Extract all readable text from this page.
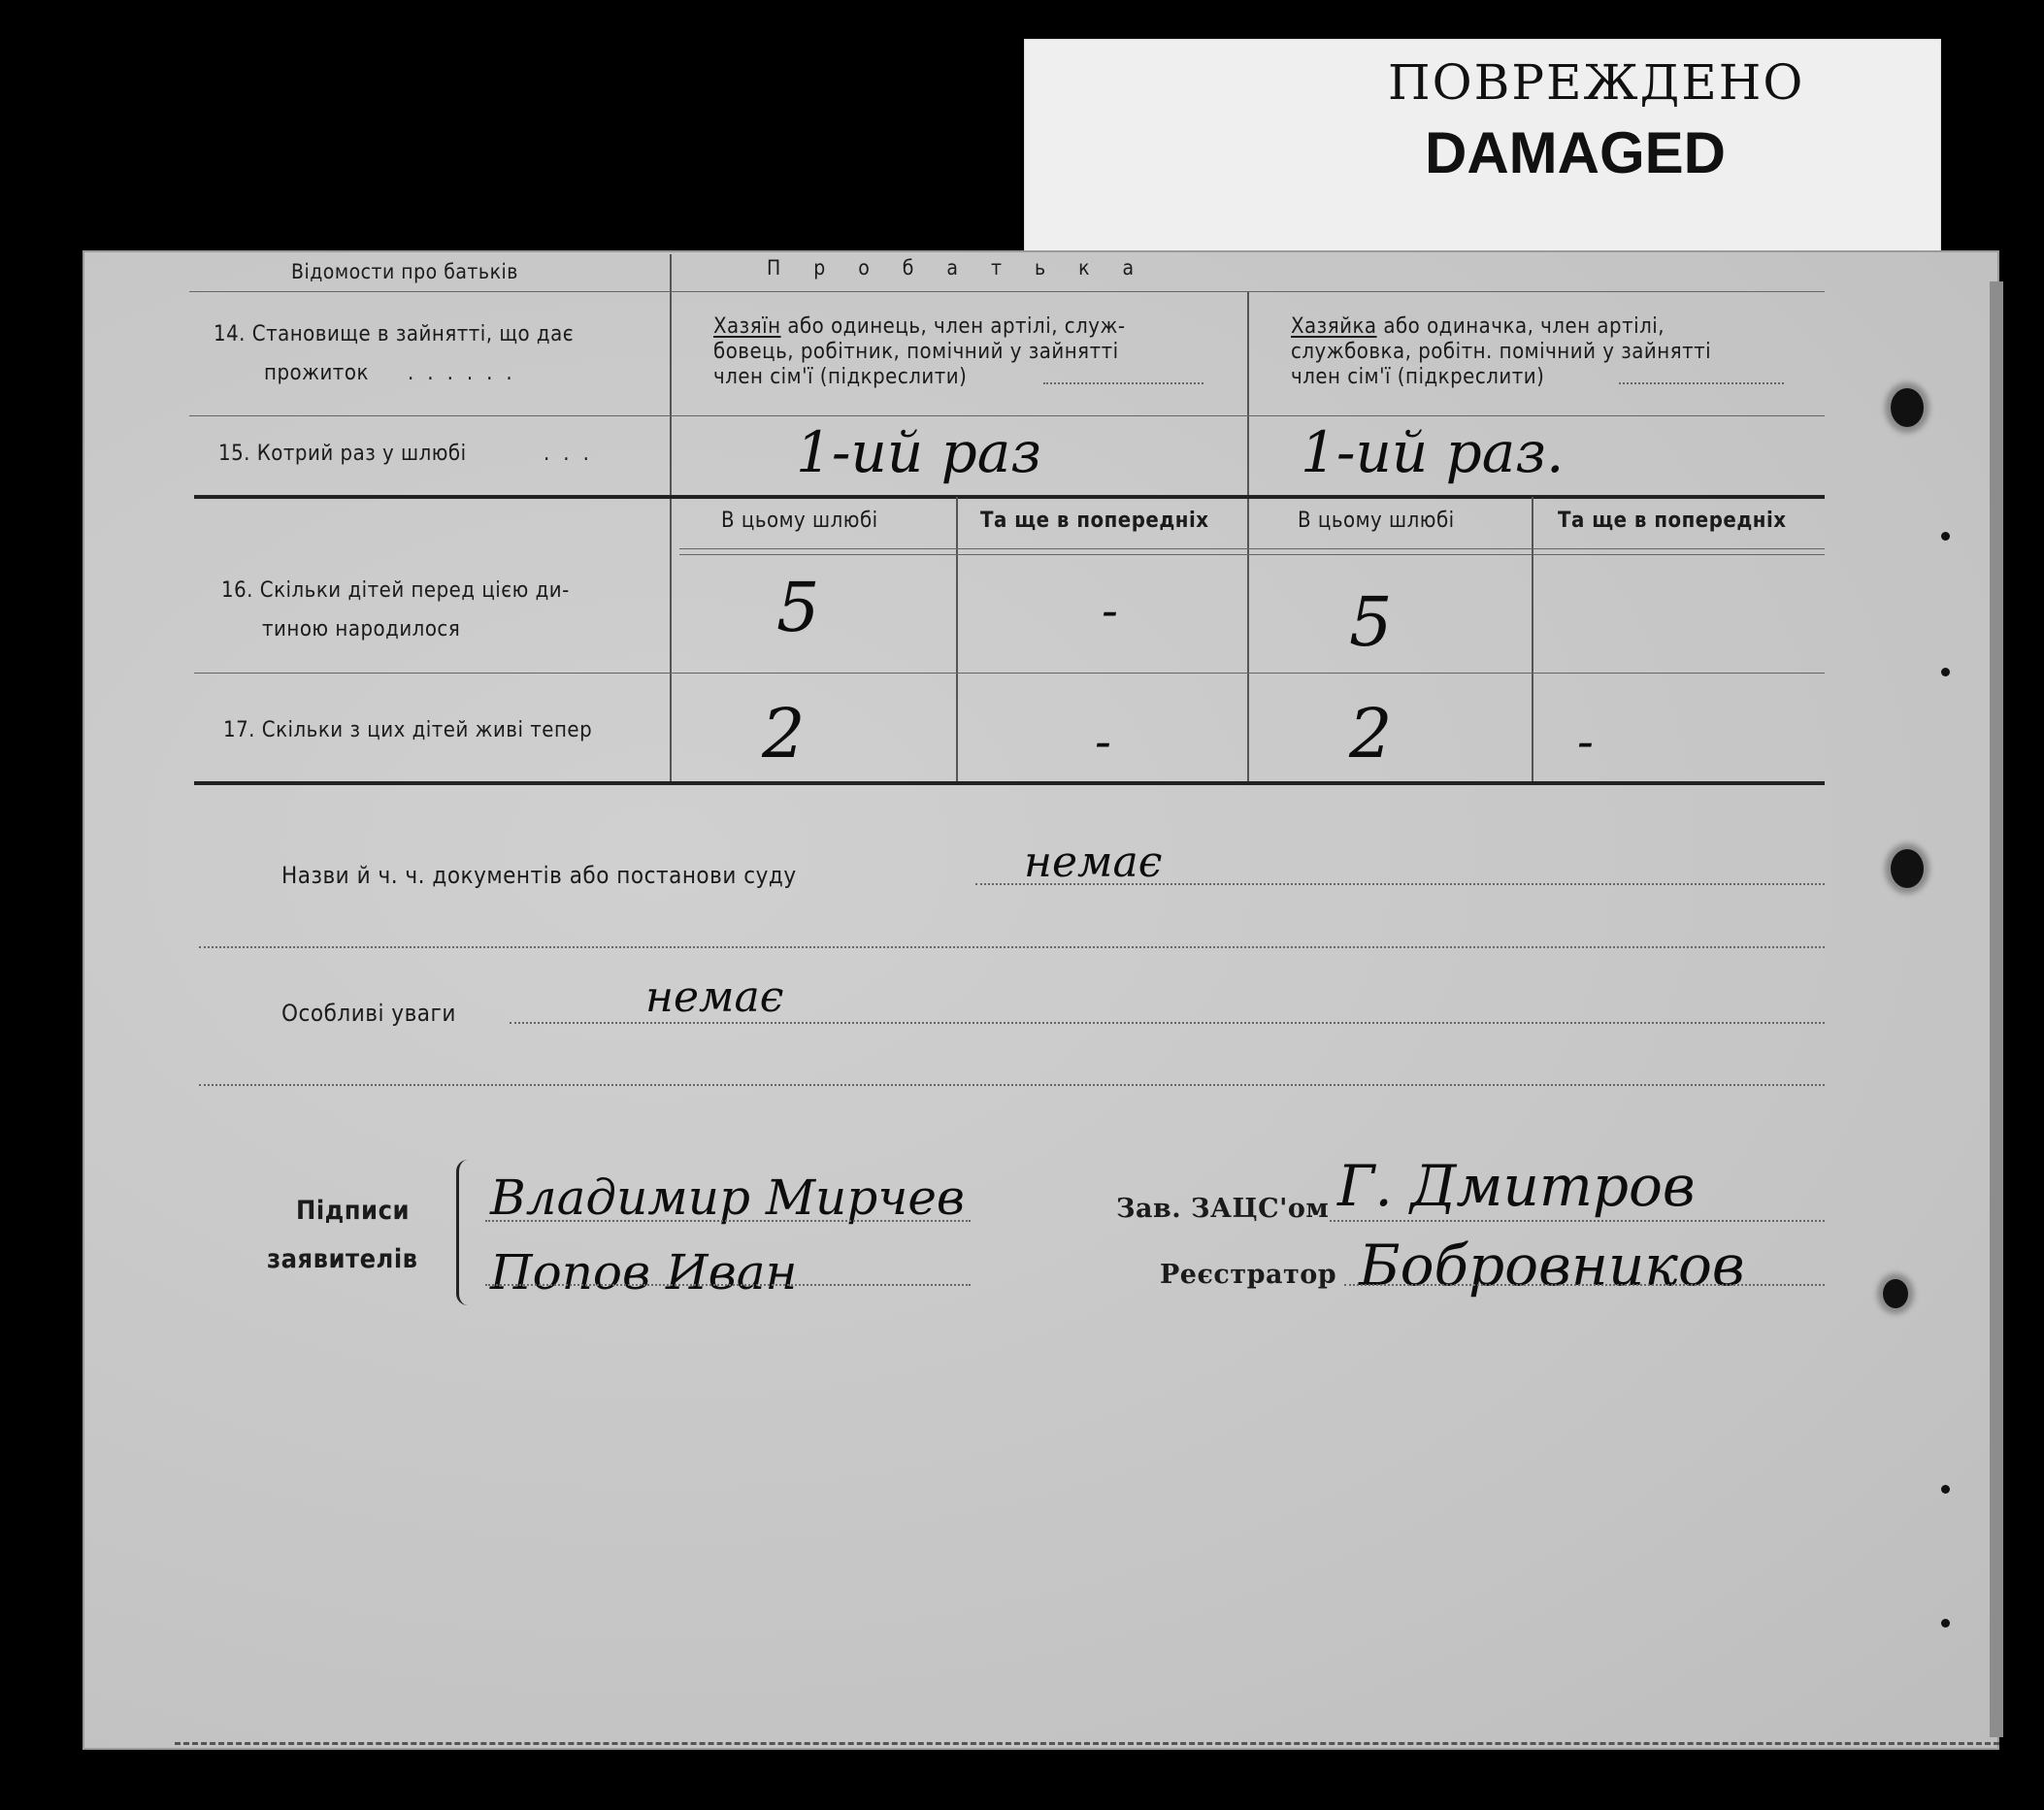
ПОВРЕЖДЕНО
DAMAGED
Відомости про батьків	П р о б а т ь к а
14. Становище в зайнятті, що дає
прожиток ......
Хазяїн або одинець, член артілі, служ-
бовець, робітник, помічний у зайнятті
член сім'ї (підкреслити)
Хазяйка або одиначка, член артілі,
службовка, робітн. помічний у зайнятті
член сім'ї (підкреслити)
15. Котрий раз у шлюбі	...	1-ий раз	1-ий раз.
В цьому шлюбі	Та ще в попередніх	В цьому шлюбі	Та ще в попередніх
16. Скільки дітей перед цією ди-
тиною народилося	5	-	5
17. Скільки з цих дітей живі тепер 2	-	2	-
Назви й ч. ч. документів або постанови суду	немає
Особливі уваги	немає
Підписи
заявителів
Владимир Мирчев
Попов Иван
Зав. ЗАЦС'ом Г. Дмитров
Реєстратор Бобровников
